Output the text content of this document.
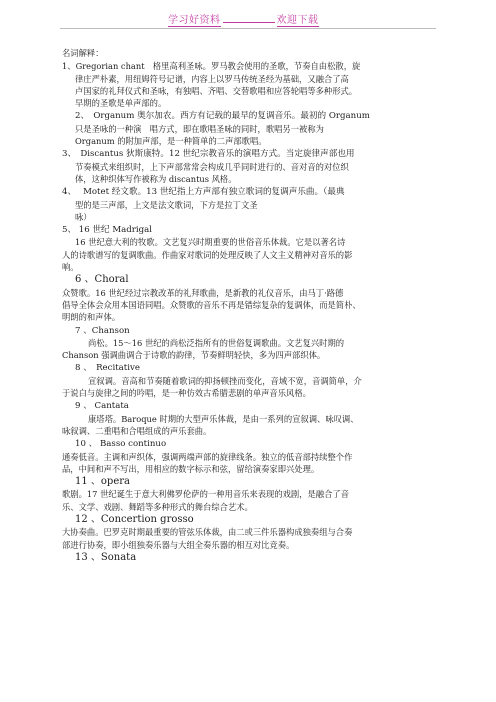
学习好资料	欢迎下载

名词解释：

1、Gregorian chant　格里高利圣咏。罗马教会使用的圣歌，节奏自由松散，旋

律庄严朴素，用纽姆符号记谱，内容上以罗马传统圣经为基础，又融合了高

卢国家的礼拜仪式和圣咏，有独唱、齐唱、交替歌唱和应答轮唱等多种形式。

早期的圣歌是单声部的。

2、　Organum 奥尔加农。西方有记载的最早的复调音乐。最初的 Organum

只是圣咏的一种演　唱方式，即在歌唱圣咏的同时，歌唱另一被称为

Organum 的附加声部，是一种简单的二声部歌唱。

3、　Discantus 狄斯康特。12 世纪宗教音乐的演唱方式。当定旋律声部也用

节奏模式来组织时，上下声部常常会构成几乎同时进行的、音对音的对位织

体，这种织体写作被称为 discantus 风格。

4、　 Motet 经文歌。13 世纪指上方声部有独立歌词的复调声乐曲。（最典

型的是三声部，上文是法文歌词，下方是拉丁文圣

咏）

5、 16 世纪 Madrigal

16 世纪意大利的牧歌。文艺复兴时期重要的世俗音乐体裁。它是以著名诗

人的诗歌谱写的复调歌曲。作曲家对歌词的处理反映了人文主义精神对音乐的影

响。

6 、Choral

众赞歌。16 世纪经过宗教改革的礼拜歌曲，是新教的礼仪音乐，由马丁·路德

倡导全体会众用本国语同唱。众赞歌的音乐不再是错综复杂的复调体，而是简朴、

明朗的和声体。

7 、Chanson

尚松。15～16 世纪的尚松泛指所有的世俗复调歌曲。文艺复兴时期的

Chanson 强调曲调合于诗歌的韵律，节奏鲜明轻快，多为四声部织体。

8 、　Recitative

宣叙调。音高和节奏随着歌词的抑扬顿挫而变化，音域不宽，音调简单，介

于说白与旋律之间的吟唱，是一种仿效古希腊悲剧的单声音乐风格。

9 、 Cantata

康塔塔。Baroque 时期的大型声乐体裁，是由一系列的宣叙调、咏叹调、

咏叙调、二重唱和合唱组成的声乐套曲。

10 、 Basso continuo

通奏低音。主调和声织体，强调两端声部的旋律线条。独立的低音部持续整个作

品，中间和声不写出，用相应的数字标示和弦，留给演奏家即兴处理。

11 、opera

歌剧。17 世纪诞生于意大利佛罗伦萨的一种用音乐来表现的戏剧，是融合了音

乐、文学、戏剧、舞蹈等多种形式的舞台综合艺术。

12 、Concertion grosso

大协奏曲。巴罗克时期最重要的管弦乐体裁，由二或三件乐器构成独奏组与合奏

部进行协奏，即小组独奏乐器与大组全奏乐器的相互对比竞奏。

13 、Sonata
